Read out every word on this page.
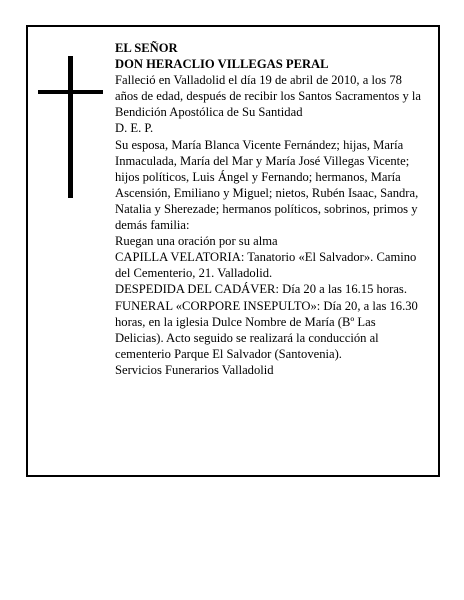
EL SEÑOR

DON HERACLIO VILLEGAS PERAL

Falleció en Valladolid el día 19 de abril de 2010, a los 78 años de edad, después de recibir los Santos Sacramentos y la Bendición Apostólica de Su Santidad

D. E. P.

Su esposa, María Blanca Vicente Fernández; hijas, María Inmaculada, María del Mar y María José Villegas Vicente; hijos políticos, Luis Ángel y Fernando; hermanos, María Ascensión, Emiliano y Miguel; nietos, Rubén Isaac, Sandra, Natalia y Sherezade; hermanos políticos, sobrinos, primos y demás familia:

Ruegan una oración por su alma

CAPILLA VELATORIA: Tanatorio «El Salvador». Camino del Cementerio, 21. Valladolid.

DESPEDIDA DEL CADÁVER: Día 20 a las 16.15 horas.

FUNERAL «CORPORE INSEPULTO»: Día 20, a las 16.30 horas, en la iglesia Dulce Nombre de María (Bº Las Delicias). Acto seguido se realizará la conducción al cementerio Parque El Salvador (Santovenia).

Servicios Funerarios Valladolid
